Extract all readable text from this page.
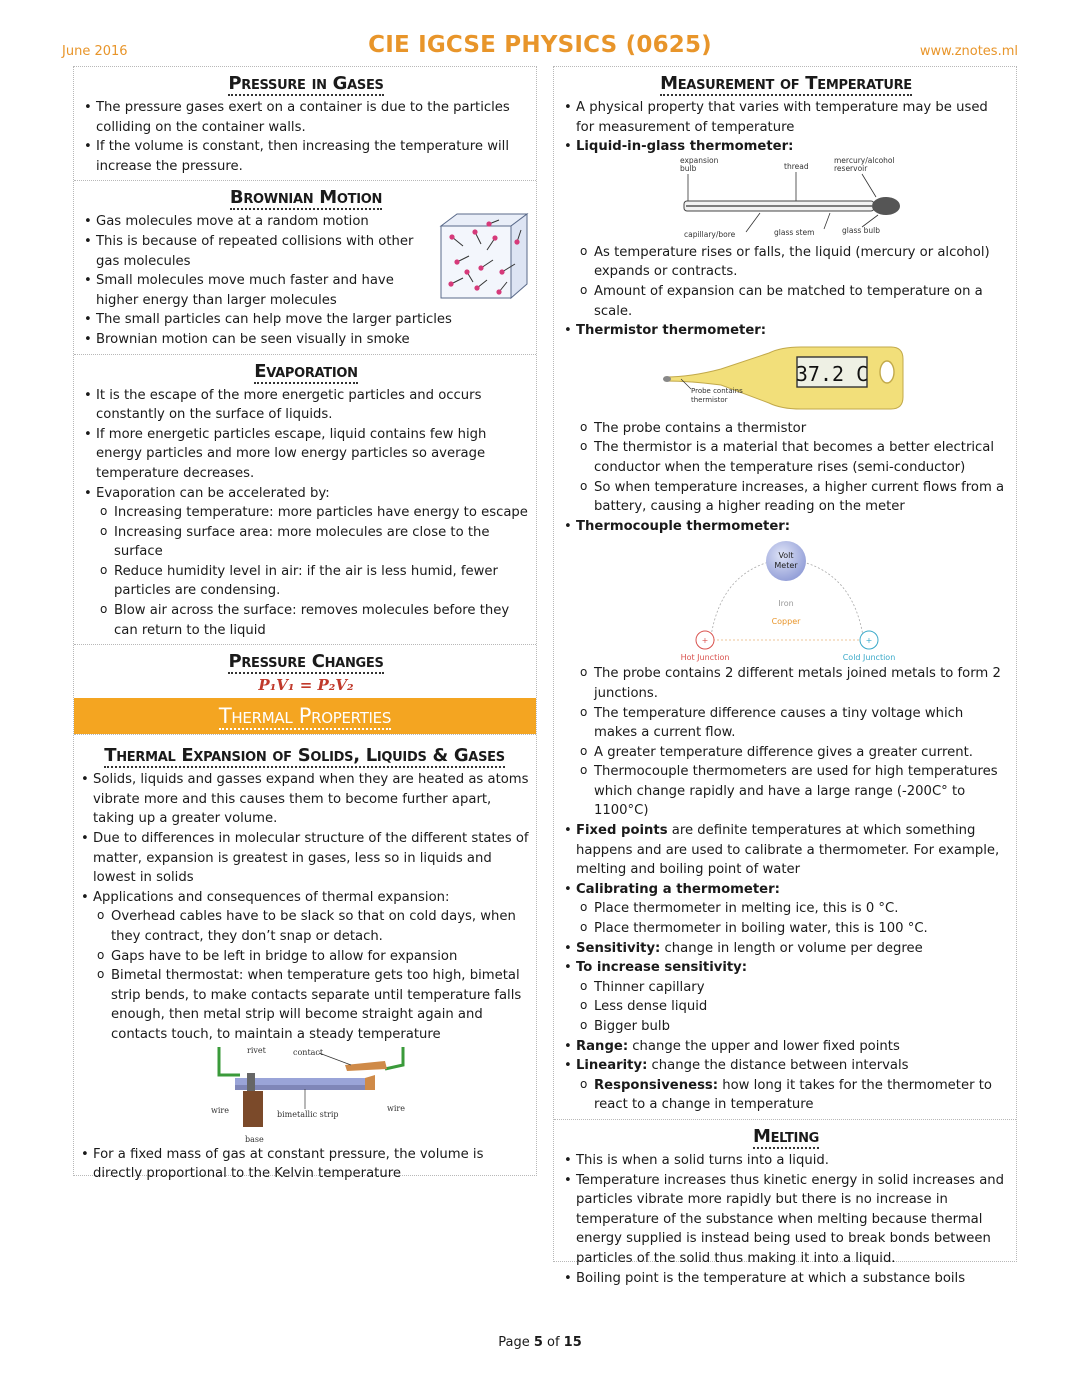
June 2016	CIE IGCSE PHYSICS (0625)	www.znotes.ml
Pressure in Gases
• The pressure gases exert on a container is due to the particles colliding on the container walls.
• If the volume is constant, then increasing the temperature will increase the pressure.
Brownian Motion
• Gas molecules move at a random motion
• This is because of repeated collisions with other gas molecules
• Small molecules move much faster and have higher energy than larger molecules
• The small particles can help move the larger particles
• Brownian motion can be seen visually in smoke
Evaporation
• It is the escape of the more energetic particles and occurs constantly on the surface of liquids.
• If more energetic particles escape, liquid contains few high energy particles and more low energy particles so average temperature decreases.
• Evaporation can be accelerated by:
o Increasing temperature: more particles have energy to escape
o Increasing surface area: more molecules are close to the surface
o Reduce humidity level in air: if the air is less humid, fewer particles are condensing.
o Blow air across the surface: removes molecules before they can return to the liquid
Pressure Changes
P₁V₁ = P₂V₂
Thermal Properties
Thermal Expansion of Solids, Liquids & Gases
• Solids, liquids and gasses expand when they are heated as atoms vibrate more and this causes them to become further apart, taking up a greater volume.
• Due to differences in molecular structure of the different states of matter, expansion is greatest in gases, less so in liquids and lowest in solids
• Applications and consequences of thermal expansion:
o Overhead cables have to be slack so that on cold days, when they contract, they don’t snap or detach.
o Gaps have to be left in bridge to allow for expansion
o Bimetal thermostat: when temperature gets too high, bimetal strip bends, to make contacts separate until temperature falls enough, then metal strip will become straight again and contacts touch, to maintain a steady temperature
rivet	contact
wire	bimetallic strip
wire
base
• For a fixed mass of gas at constant pressure, the volume is directly proportional to the Kelvin temperature
Measurement of Temperature
• A physical property that varies with temperature may be used for measurement of temperature
• Liquid-in-glass thermometer:
expansion
bulb	thread
mercury/alcohol
reservoir
capillary/bore	glass stem	glass bulb
o As temperature rises or falls, the liquid (mercury or alcohol) expands or contracts.
o Amount of expansion can be matched to temperature on a scale.
• Thermistor thermometer:
37.2 C
Probe contains
thermistor
o The probe contains a thermistor
o The thermistor is a material that becomes a better electrical conductor when the temperature rises (semi-conductor)
o So when temperature increases, a higher current flows from a battery, causing a higher reading on the meter
• Thermocouple thermometer:
Volt
Meter
Iron
Copper
+	+
Hot Junction	Cold Junction
o The probe contains 2 different metals joined metals to form 2 junctions.
o The temperature difference causes a tiny voltage which makes a current flow.
o A greater temperature difference gives a greater current.
o Thermocouple thermometers are used for high temperatures which change rapidly and have a large range (-200C° to 1100°C)
• Fixed points are definite temperatures at which something happens and are used to calibrate a thermometer. For example, melting and boiling point of water
• Calibrating a thermometer:
o Place thermometer in melting ice, this is 0 °C.
o Place thermometer in boiling water, this is 100 °C.
• Sensitivity: change in length or volume per degree
• To increase sensitivity:
o Thinner capillary
o Less dense liquid
o Bigger bulb
• Range: change the upper and lower fixed points
• Linearity: change the distance between intervals
o Responsiveness: how long it takes for the thermometer to react to a change in temperature
Melting
• This is when a solid turns into a liquid.
• Temperature increases thus kinetic energy in solid increases and particles vibrate more rapidly but there is no increase in temperature of the substance when melting because thermal energy supplied is instead being used to break bonds between particles of the solid thus making it into a liquid.
• Boiling point is the temperature at which a substance boils
Page 5 of 15
